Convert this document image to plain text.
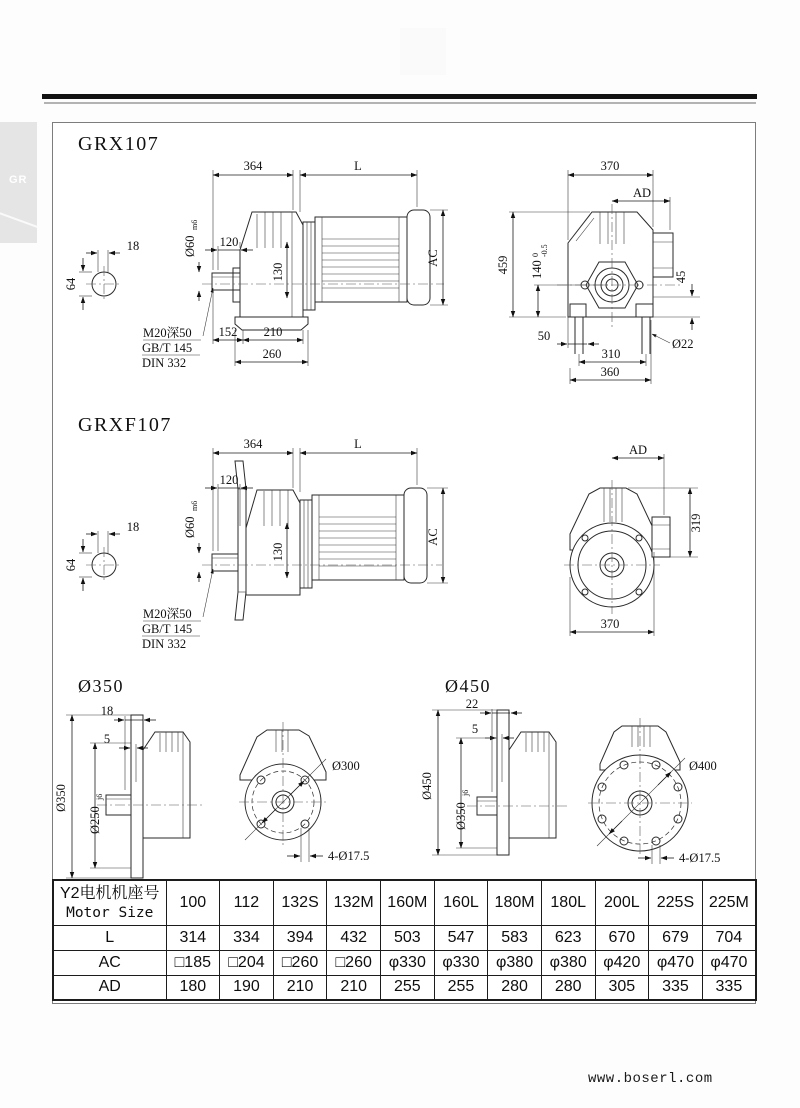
GR
GRX107
18
64
364	L
120
Ø60
m6
130
AC
M20深50
GB/T 145
DIN 332
152 210
260
370
AD
459 140
0 -0.5
45
50
310
360
Ø22
GRXF107
18
64
364	L
120
Ø60
m6
130
AC
M20深50
GB/T 145
DIN 332
AD
319
370
Ø350
18
5
Ø350
Ø250
j6
Ø300
4-Ø17.5
Ø450
22
5
Ø450
Ø350
j6
Ø400
4-Ø17.5
Y2电机机座号
Motor Size	100	112	132S	132M	160M	160L	180M	180L	200L	225S	225M
L	314	334	394	432	503	547	583	623	670	679	704
AC	□185	□204	□260	□260	φ330	φ330	φ380	φ380	φ420	φ470	φ470
AD	180	190	210	210	255	255	280	280	305	335	335
www.boserl.com
